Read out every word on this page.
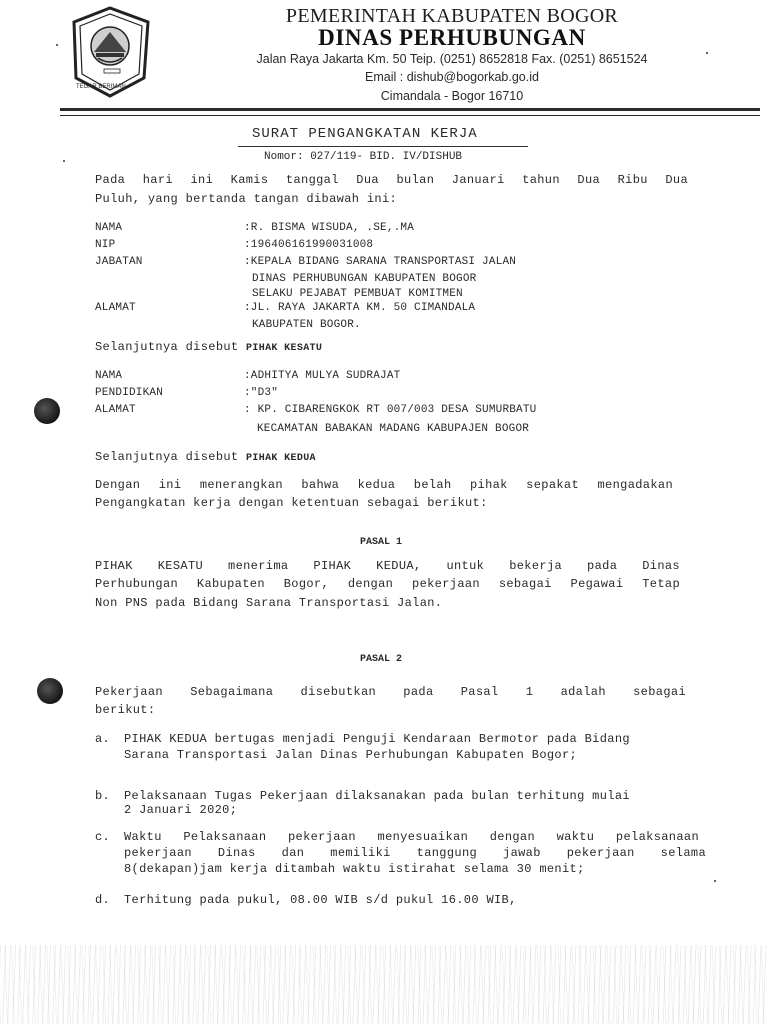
TEGAR BERIMAN
PEMERINTAH KABUPATEN BOGOR
DINAS PERHUBUNGAN
Jalan Raya Jakarta Km. 50 Teip. (0251) 8652818 Fax. (0251) 8651524
Email : dishub@bogorkab.go.id
Cimandala - Bogor 16710
SURAT PENGANGKATAN KERJA
Nomor: 027/119- BID. IV/DISHUB
Pada hari ini Kamis tanggal Dua bulan Januari tahun Dua Ribu Dua
Puluh, yang bertanda tangan dibawah ini:
NAMA	:R. BISMA WISUDA, .SE,.MA
NIP	:196406161990031008
JABATAN	:KEPALA BIDANG SARANA TRANSPORTASI JALAN
DINAS PERHUBUNGAN KABUPATEN BOGOR
SELAKU PEJABAT PEMBUAT KOMITMEN
ALAMAT	:JL. RAYA JAKARTA KM. 50 CIMANDALA
KABUPATEN BOGOR.
Selanjutnya disebut PIHAK KESATU
NAMA	:ADHITYA MULYA SUDRAJAT
PENDIDIKAN	:"D3"
ALAMAT	: KP. CIBARENGKOK RT 007/003 DESA SUMURBATU
KECAMATAN BABAKAN MADANG KABUPAJEN BOGOR
Selanjutnya disebut PIHAK KEDUA
Dengan ini menerangkan bahwa kedua belah pihak sepakat mengadakan
Pengangkatan kerja dengan ketentuan sebagai berikut:
PASAL 1
PIHAK KESATU menerima PIHAK KEDUA, untuk bekerja pada Dinas
Perhubungan Kabupaten Bogor, dengan pekerjaan sebagai Pegawai Tetap
Non PNS pada Bidang Sarana Transportasi Jalan.
PASAL 2
Pekerjaan Sebagaimana disebutkan pada Pasal 1 adalah sebagai
berikut:
a. PIHAK KEDUA bertugas menjadi Penguji Kendaraan Bermotor pada Bidang
Sarana Transportasi Jalan Dinas Perhubungan Kabupaten Bogor;
b. Pelaksanaan Tugas Pekerjaan dilaksanakan pada bulan terhitung mulai
2 Januari 2020;
c. Waktu Pelaksanaan pekerjaan menyesuaikan dengan waktu pelaksanaan
pekerjaan Dinas dan memiliki tanggung jawab pekerjaan selama
8(dekapan)jam kerja ditambah waktu istirahat selama 30 menit;
d. Terhitung pada pukul, 08.00 WIB s/d pukul 16.00 WIB,
